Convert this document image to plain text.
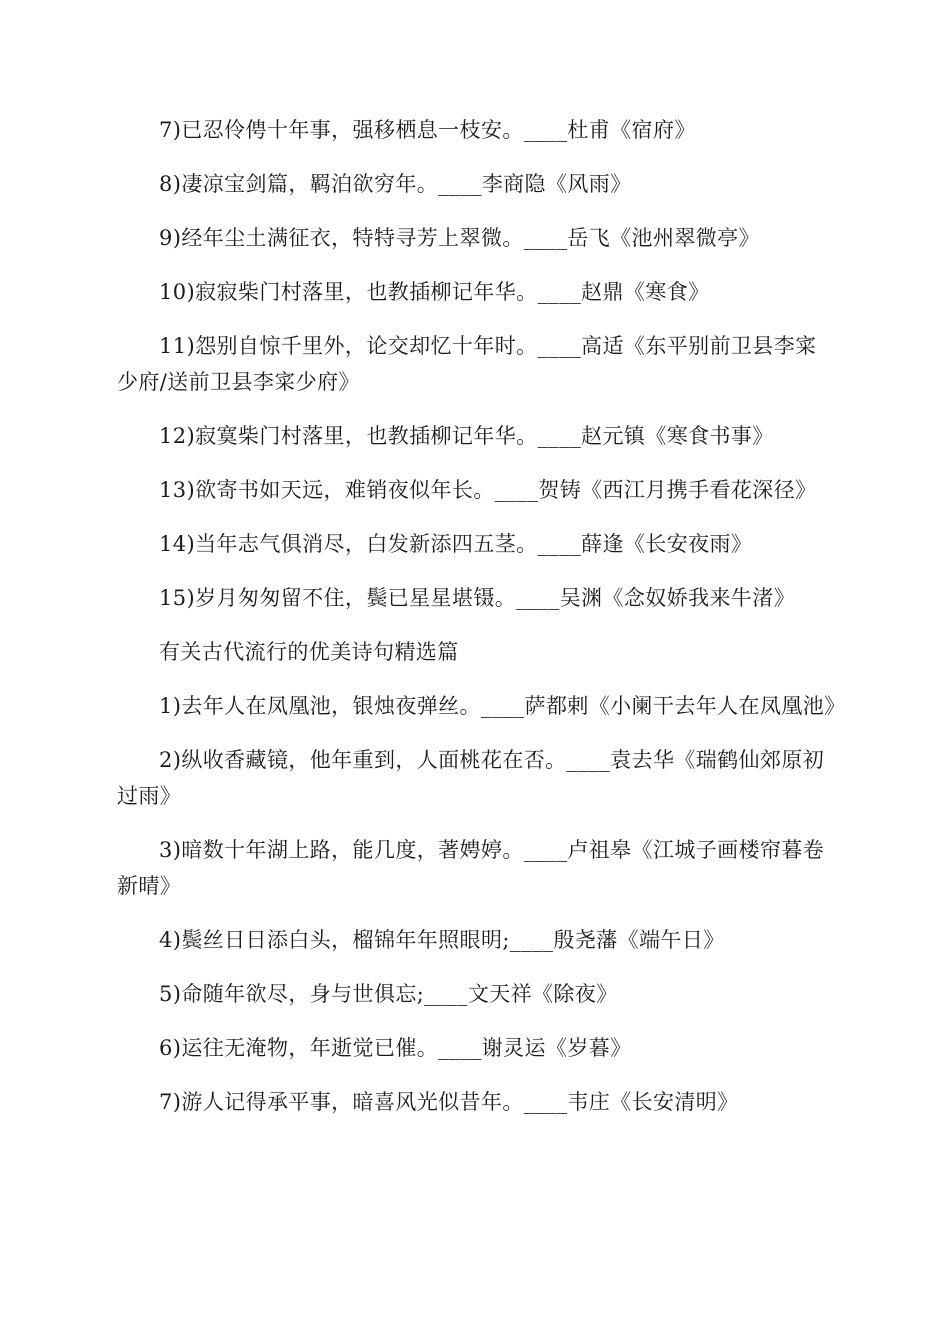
7)已忍伶俜十年事，强移栖息一枝安。____杜甫《宿府》

8)凄凉宝剑篇，羁泊欲穷年。____李商隐《风雨》

9)经年尘土满征衣，特特寻芳上翠微。____岳飞《池州翠微亭》

10)寂寂柴门村落里，也教插柳记年华。____赵鼎《寒食》

11)怨别自惊千里外，论交却忆十年时。____高适《东平别前卫县李寀少府/送前卫县李寀少府》

12)寂寞柴门村落里，也教插柳记年华。____赵元镇《寒食书事》

13)欲寄书如天远，难销夜似年长。____贺铸《西江月携手看花深径》

14)当年志气俱消尽，白发新添四五茎。____薛逢《长安夜雨》

15)岁月匆匆留不住，鬓已星星堪镊。____吴渊《念奴娇我来牛渚》

有关古代流行的优美诗句精选篇

1)去年人在凤凰池，银烛夜弹丝。____萨都剌《小阑干去年人在凤凰池》

2)纵收香藏镜，他年重到，人面桃花在否。____袁去华《瑞鹤仙郊原初过雨》

3)暗数十年湖上路，能几度，著娉婷。____卢祖皋《江城子画楼帘暮卷新晴》

4)鬓丝日日添白头，榴锦年年照眼明;____殷尧藩《端午日》

5)命随年欲尽，身与世俱忘;____文天祥《除夜》

6)运往无淹物，年逝觉已催。____谢灵运《岁暮》

7)游人记得承平事，暗喜风光似昔年。____韦庄《长安清明》
